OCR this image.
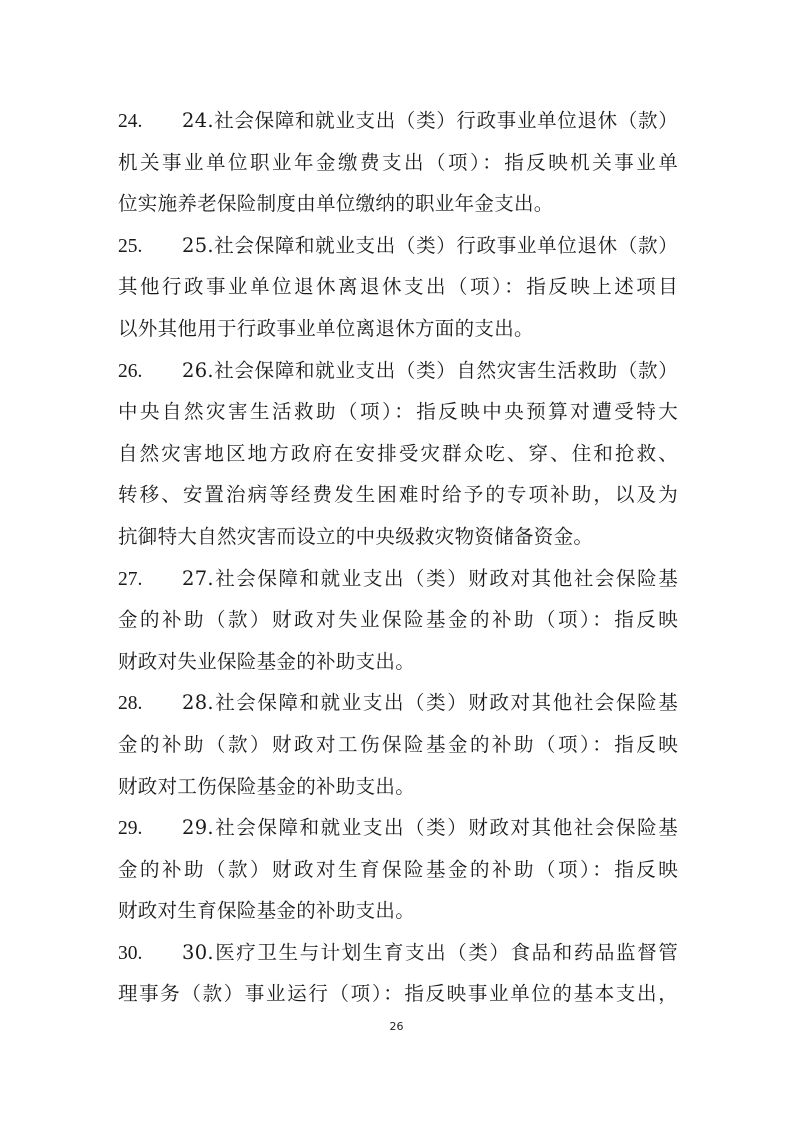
24. 24.社会保障和就业支出（类）行政事业单位退休（款）
机关事业单位职业年金缴费支出（项）：指反映机关事业单
位实施养老保险制度由单位缴纳的职业年金支出。
25. 25.社会保障和就业支出（类）行政事业单位退休（款）
其他行政事业单位退休离退休支出（项）：指反映上述项目
以外其他用于行政事业单位离退休方面的支出。
26. 26.社会保障和就业支出（类）自然灾害生活救助（款）
中央自然灾害生活救助（项）：指反映中央预算对遭受特大
自然灾害地区地方政府在安排受灾群众吃、穿、住和抢救、
转移、安置治病等经费发生困难时给予的专项补助，以及为
抗御特大自然灾害而设立的中央级救灾物资储备资金。
27. 27.社会保障和就业支出（类）财政对其他社会保险基
金的补助（款）财政对失业保险基金的补助（项）：指反映
财政对失业保险基金的补助支出。
28. 28.社会保障和就业支出（类）财政对其他社会保险基
金的补助（款）财政对工伤保险基金的补助（项）：指反映
财政对工伤保险基金的补助支出。
29. 29.社会保障和就业支出（类）财政对其他社会保险基
金的补助（款）财政对生育保险基金的补助（项）：指反映
财政对生育保险基金的补助支出。
30. 30.医疗卫生与计划生育支出（类）食品和药品监督管
理事务（款）事业运行（项）：指反映事业单位的基本支出，
26
